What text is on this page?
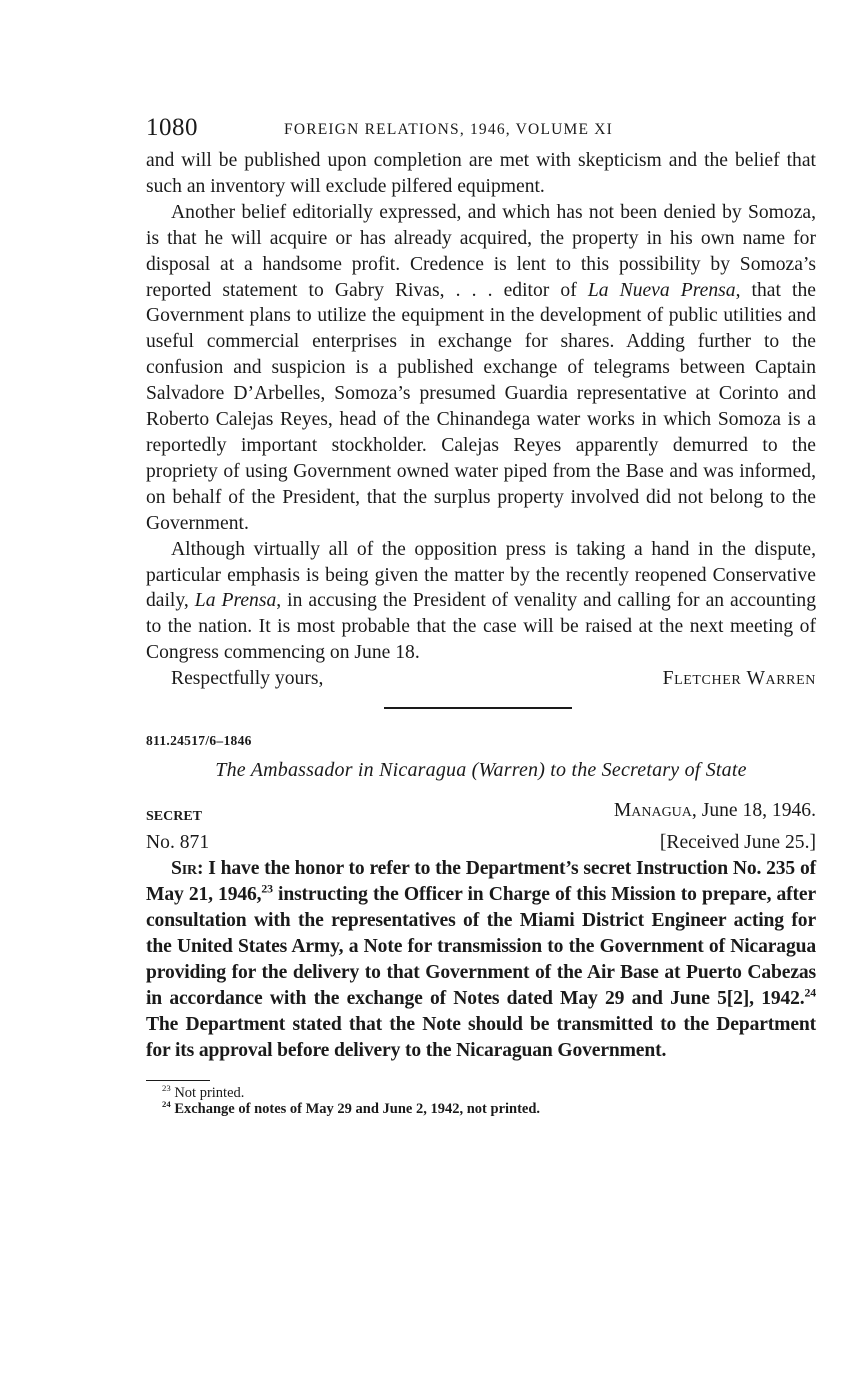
1080	FOREIGN RELATIONS, 1946, VOLUME XI

and will be published upon completion are met with skepticism and the belief that such an inventory will exclude pilfered equipment.

Another belief editorially expressed, and which has not been denied by Somoza, is that he will acquire or has already acquired, the property in his own name for disposal at a handsome profit. Credence is lent to this possibility by Somoza’s reported statement to Gabry Rivas, . . . editor of La Nueva Prensa, that the Government plans to utilize the equipment in the development of public utilities and useful commercial enterprises in exchange for shares. Adding further to the confusion and suspicion is a published exchange of telegrams between Captain Salvadore D’Arbelles, Somoza’s presumed Guardia representative at Corinto and Roberto Calejas Reyes, head of the Chinandega water works in which Somoza is a reportedly important stockholder. Calejas Reyes apparently demurred to the propriety of using Government owned water piped from the Base and was informed, on behalf of the President, that the surplus property involved did not belong to the Government.

Although virtually all of the opposition press is taking a hand in the dispute, particular emphasis is being given the matter by the recently reopened Conservative daily, La Prensa, in accusing the President of venality and calling for an accounting to the nation. It is most probable that the case will be raised at the next meeting of Congress commencing on June 18.

Respectfully yours,	Fletcher Warren
811.24517/6–1846
The Ambassador in Nicaragua (Warren) to the Secretary of State
SECRET	Managua, June 18, 1946.
No. 871	[Received June 25.]

Sir: I have the honor to refer to the Department’s secret Instruction No. 235 of May 21, 1946,23 instructing the Officer in Charge of this Mission to prepare, after consultation with the representatives of the Miami District Engineer acting for the United States Army, a Note for transmission to the Government of Nicaragua providing for the delivery to that Government of the Air Base at Puerto Cabezas in accordance with the exchange of Notes dated May 29 and June 5[2], 1942.24 The Department stated that the Note should be transmitted to the Department for its approval before delivery to the Nicaraguan Government.

$^{23}$ Not printed.
$^{24}$ Exchange of notes of May 29 and June 2, 1942, not printed.
